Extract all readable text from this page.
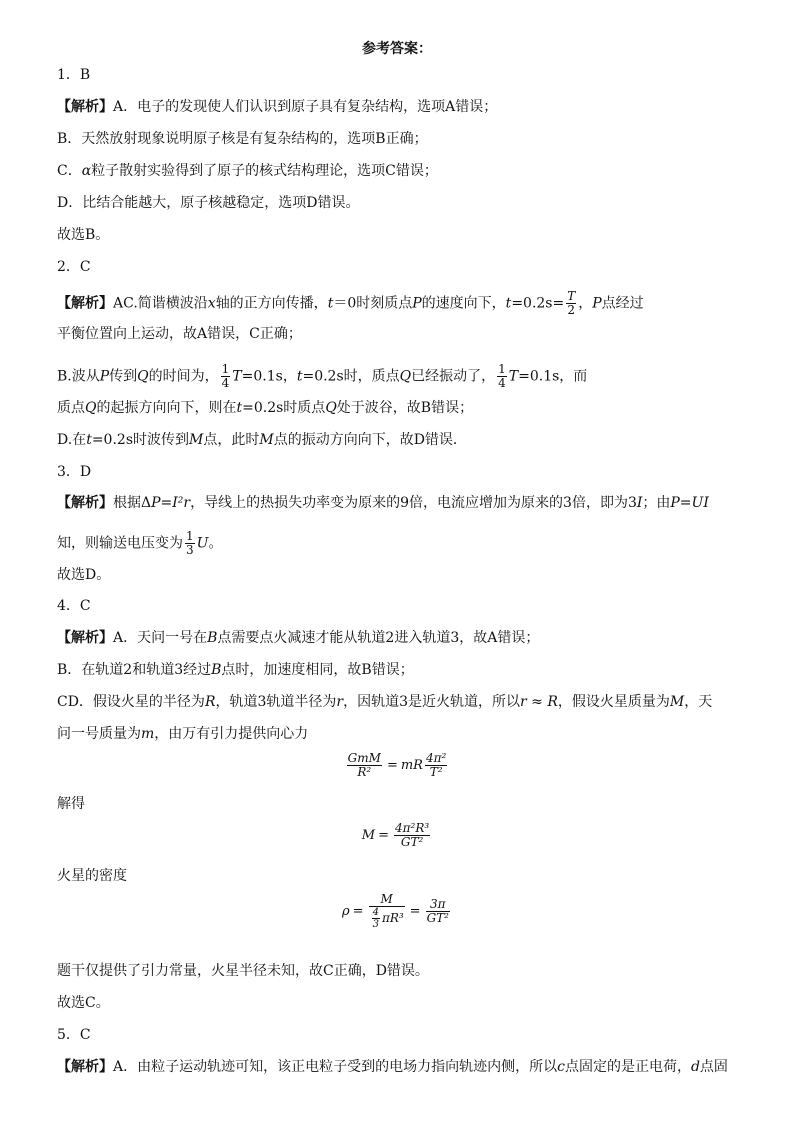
参考答案：
1．B
【解析】A．电子的发现使人们认识到原子具有复杂结构，选项A错误；
B．天然放射现象说明原子核是有复杂结构的，选项B正确；
C．α粒子散射实验得到了原子的核式结构理论，选项C错误；
D．比结合能越大，原子核越稳定，选项D错误。
故选B。
2．C
【解析】AC.简谐横波沿x轴的正方向传播，t＝0时刻质点P的速度向下，$t=0.2s= \frac{T}{2}$ ，P点经过
平衡位置向上运动，故A错误，C正确；
B.波从P传到Q的时间为， $\frac{1}{4} T=0.1s$，t=0.2s时，质点Q已经振动了， $\frac{1}{4} T=0.1s$，而
质点Q的起振方向向下，则在t=0.2s时质点Q处于波谷，故B错误；
D.在t=0.2s时波传到M点，此时M点的振动方向向下，故D错误．
3．D
【解析】根据ΔP=I²r，导线上的热损失功率变为原来的9倍，电流应增加为原来的3倍，即为3I；由P=UI
知，则输送电压变为 $\frac{1}{3}$ U。
故选D。
4．C
【解析】A．天问一号在B点需要点火减速才能从轨道2进入轨道3，故A错误；
B．在轨道2和轨道3经过B点时，加速度相同，故B错误；
CD．假设火星的半径为R，轨道3轨道半径为r，因轨道3是近火轨道，所以r ≈ R，假设火星质量为M，天
问一号质量为m，由万有引力提供向心力
$\frac{\text{GmM}}{\text{R²}}$ = mR $\frac{\text{4π²}}{\text{T²}}$
解得
$M = \frac{\text{4π²R³}}{\text{GT²}}$
火星的密度
$\rho = \frac{M}{\frac{4}{3} \pi R^3} = \frac{3\pi}{\text{GT²}}$
题干仅提供了引力常量，火星半径未知，故C正确，D错误。
故选C。
5．C
【解析】A．由粒子运动轨迹可知，该正电粒子受到的电场力指向轨迹内侧，所以c点固定的是正电荷，d点固
